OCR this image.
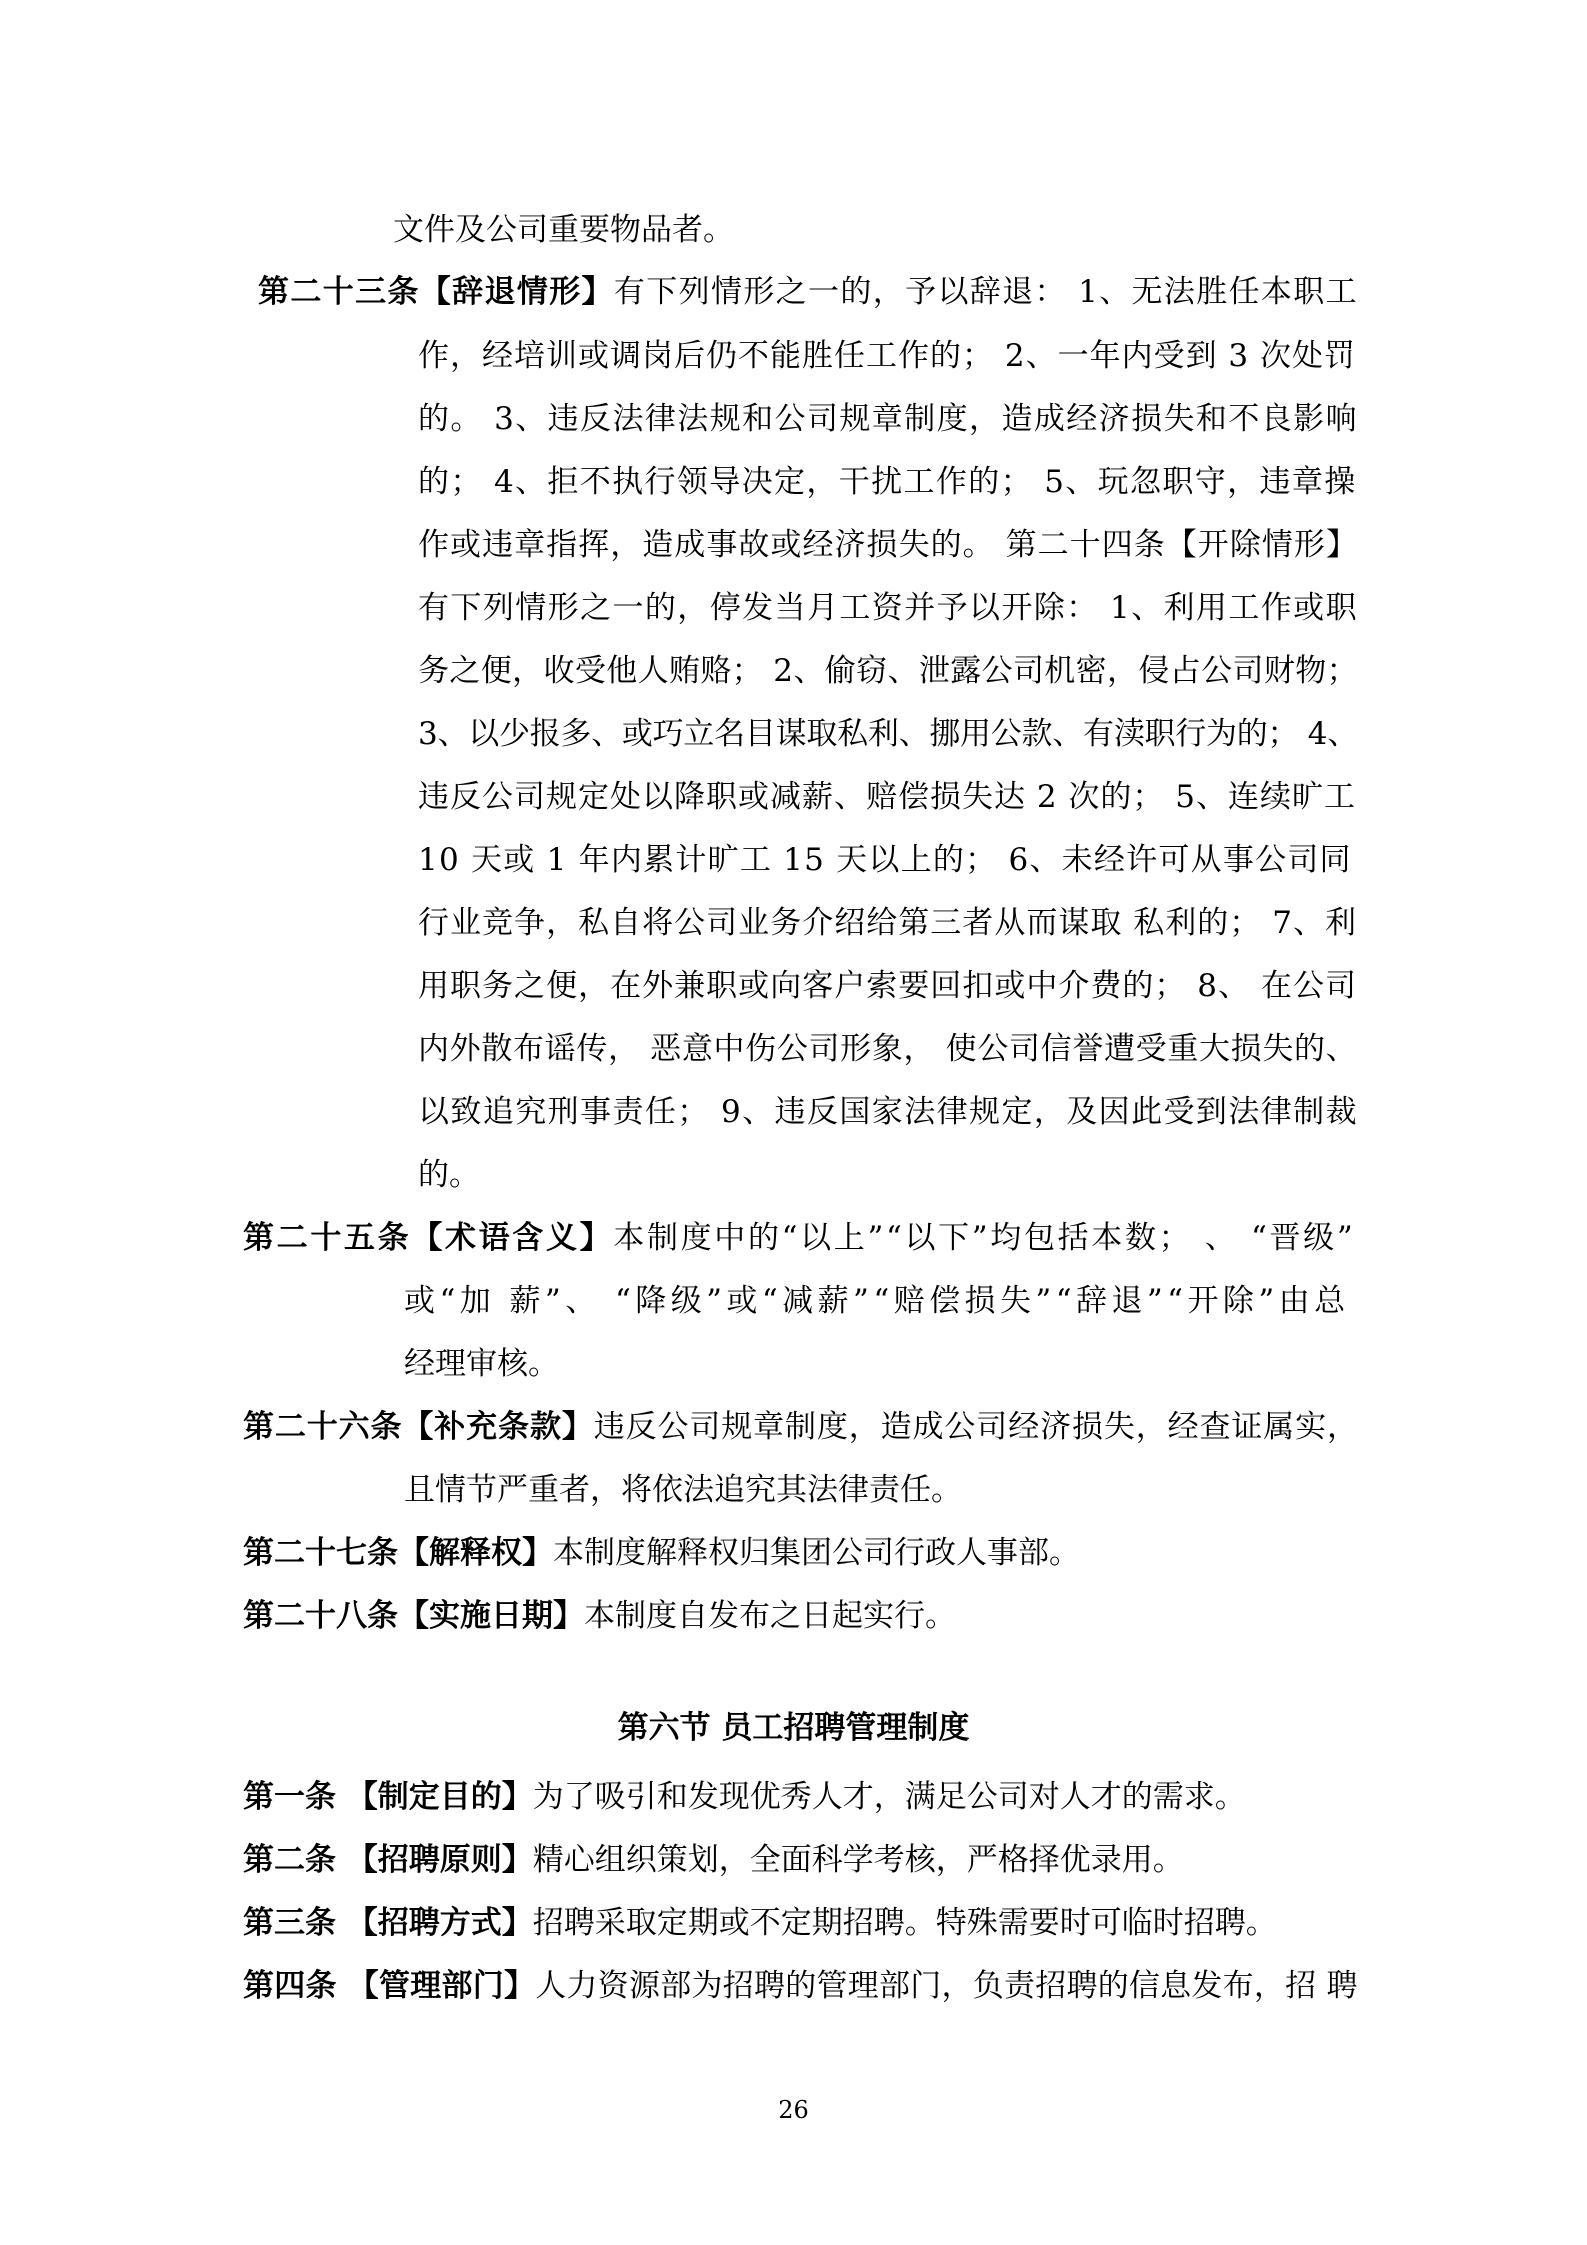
文件及公司重要物品者。
第二十三条【辞退情形】有下列情形之一的，予以辞退： 1、无法胜任本职工
作，经培训或调岗后仍不能胜任工作的； 2、一年内受到 3 次处罚
的。 3、违反法律法规和公司规章制度，造成经济损失和不良影响
的； 4、拒不执行领导决定，干扰工作的； 5、玩忽职守，违章操
作或违章指挥，造成事故或经济损失的。 第二十四条【开除情形】
有下列情形之一的，停发当月工资并予以开除： 1、利用工作或职
务之便，收受他人贿赂； 2、偷窃、泄露公司机密，侵占公司财物；
3、以少报多、或巧立名目谋取私利、挪用公款、有渎职行为的； 4、
违反公司规定处以降职或减薪、赔偿损失达 2 次的； 5、连续旷工
10 天或 1 年内累计旷工 15 天以上的； 6、未经许可从事公司同
行业竞争，私自将公司业务介绍给第三者从而谋取 私利的； 7、利
用职务之便，在外兼职或向客户索要回扣或中介费的； 8、 在公司
内外散布谣传， 恶意中伤公司形象， 使公司信誉遭受重大损失的、
以致追究刑事责任； 9、违反国家法律规定，及因此受到法律制裁
的。
第二十五条【术语含义】本制度中的“以上”“以下”均包括本数； 、 “晋级”
或“加 薪”、 “降级”或“减薪”“赔偿损失”“辞退”“开除”由总
经理审核。
第二十六条【补充条款】违反公司规章制度，造成公司经济损失，经查证属实，
且情节严重者，将依法追究其法律责任。
第二十七条【解释权】本制度解释权归集团公司行政人事部。
第二十八条【实施日期】本制度自发布之日起实行。
第六节 员工招聘管理制度
第一条 【制定目的】为了吸引和发现优秀人才，满足公司对人才的需求。
第二条 【招聘原则】精心组织策划，全面科学考核，严格择优录用。
第三条 【招聘方式】招聘采取定期或不定期招聘。特殊需要时可临时招聘。
第四条 【管理部门】人力资源部为招聘的管理部门，负责招聘的信息发布，招 聘
26
